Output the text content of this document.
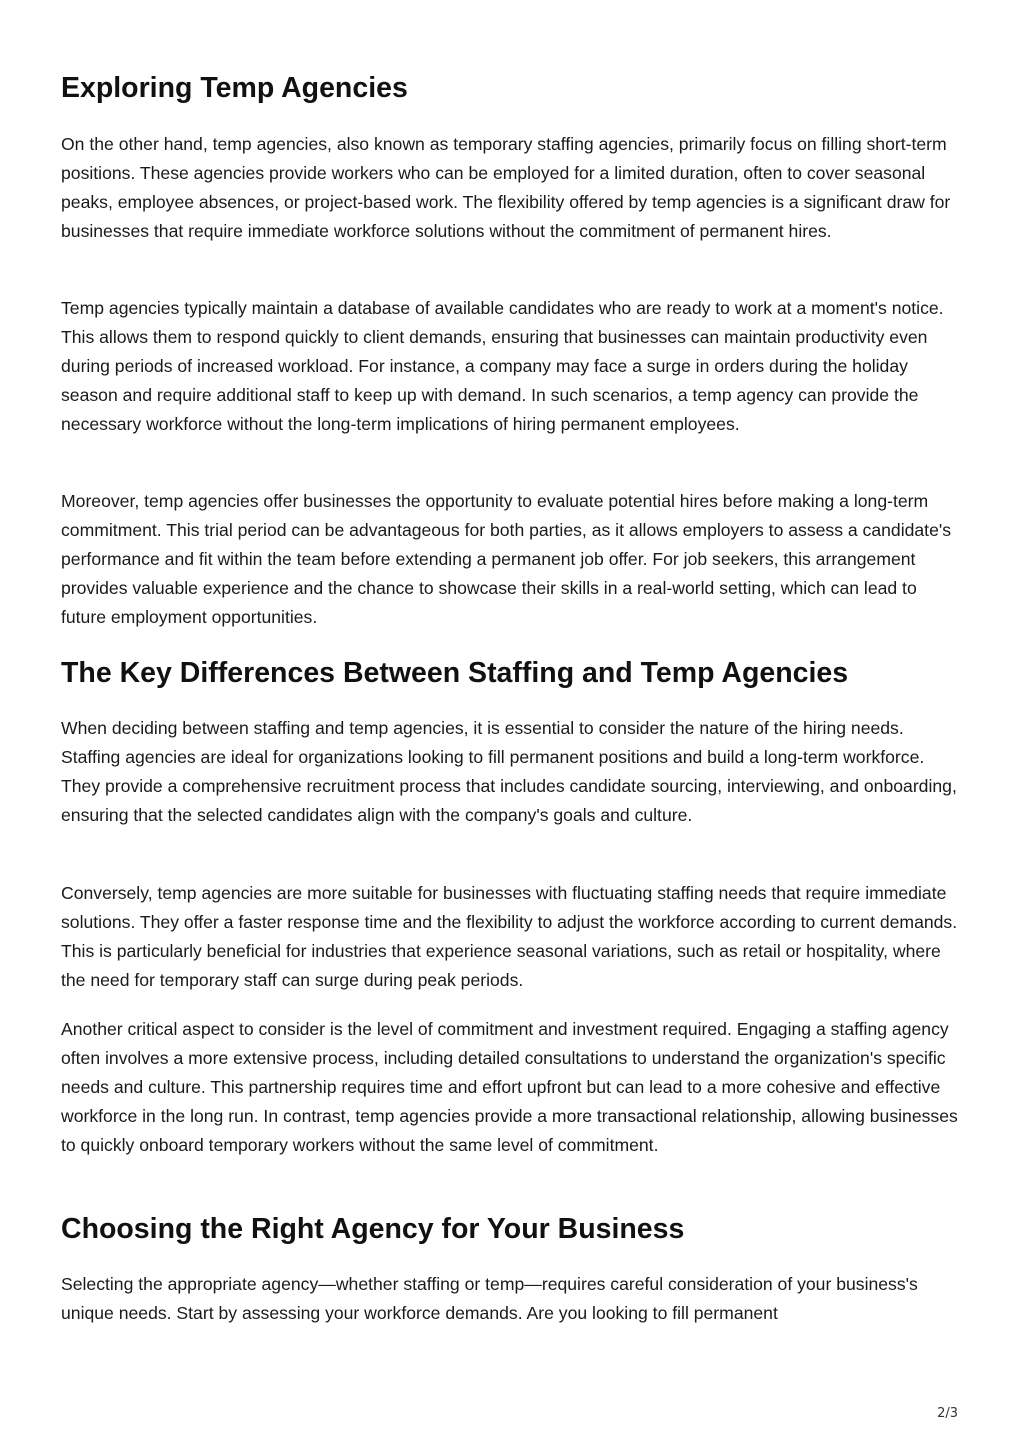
Exploring Temp Agencies

On the other hand, temp agencies, also known as temporary staffing agencies, primarily focus on filling short-term positions. These agencies provide workers who can be employed for a limited duration, often to cover seasonal peaks, employee absences, or project-based work. The flexibility offered by temp agencies is a significant draw for businesses that require immediate workforce solutions without the commitment of permanent hires.

Temp agencies typically maintain a database of available candidates who are ready to work at a moment's notice. This allows them to respond quickly to client demands, ensuring that businesses can maintain productivity even during periods of increased workload. For instance, a company may face a surge in orders during the holiday season and require additional staff to keep up with demand. In such scenarios, a temp agency can provide the necessary workforce without the long-term implications of hiring permanent employees.

Moreover, temp agencies offer businesses the opportunity to evaluate potential hires before making a long-term commitment. This trial period can be advantageous for both parties, as it allows employers to assess a candidate's performance and fit within the team before extending a permanent job offer. For job seekers, this arrangement provides valuable experience and the chance to showcase their skills in a real-world setting, which can lead to future employment opportunities.

The Key Differences Between Staffing and Temp Agencies

When deciding between staffing and temp agencies, it is essential to consider the nature of the hiring needs. Staffing agencies are ideal for organizations looking to fill permanent positions and build a long-term workforce. They provide a comprehensive recruitment process that includes candidate sourcing, interviewing, and onboarding, ensuring that the selected candidates align with the company's goals and culture.

Conversely, temp agencies are more suitable for businesses with fluctuating staffing needs that require immediate solutions. They offer a faster response time and the flexibility to adjust the workforce according to current demands. This is particularly beneficial for industries that experience seasonal variations, such as retail or hospitality, where the need for temporary staff can surge during peak periods.

Another critical aspect to consider is the level of commitment and investment required. Engaging a staffing agency often involves a more extensive process, including detailed consultations to understand the organization's specific needs and culture. This partnership requires time and effort upfront but can lead to a more cohesive and effective workforce in the long run. In contrast, temp agencies provide a more transactional relationship, allowing businesses to quickly onboard temporary workers without the same level of commitment.

Choosing the Right Agency for Your Business

Selecting the appropriate agency—whether staffing or temp—requires careful consideration of your business's unique needs. Start by assessing your workforce demands. Are you looking to fill permanent

2/3
